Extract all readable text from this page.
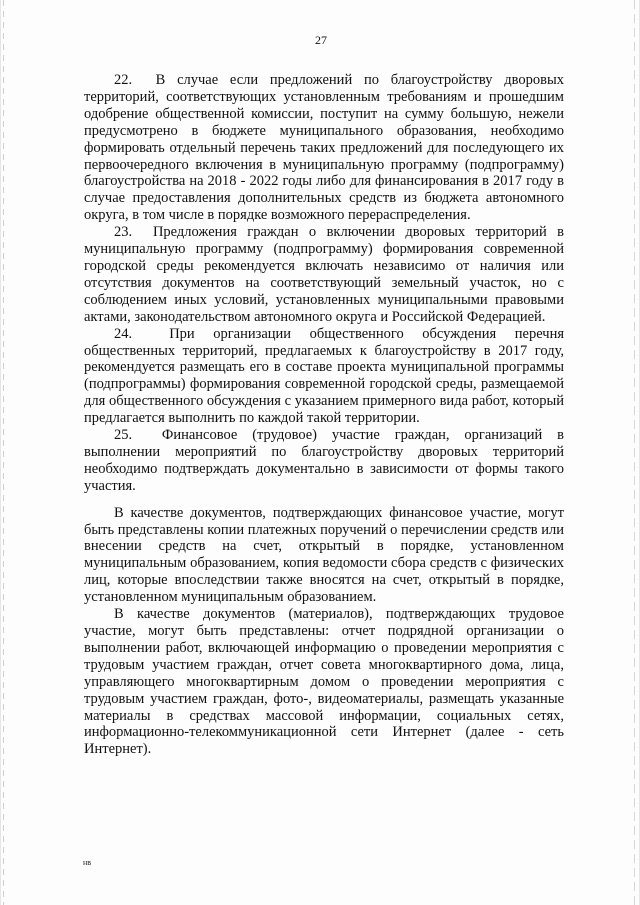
27

22.  В случае если предложений по благоустройству дворовых территорий, соответствующих установленным требованиям и прошедшим одобрение общественной комиссии, поступит на сумму большую, нежели предусмотрено в бюджете муниципального образования, необходимо формировать отдельный перечень таких предложений для последующего их первоочередного включения в муниципальную программу (подпрограмму) благоустройства на 2018 - 2022 годы либо для финансирования в 2017 году в случае предоставления дополнительных средств из бюджета автономного округа, в том числе в порядке возможного перераспределения.

23.  Предложения граждан о включении дворовых территорий в муниципальную программу (подпрограмму) формирования современной городской среды рекомендуется включать независимо от наличия или отсутствия документов на соответствующий земельный участок, но с соблюдением иных условий, установленных муниципальными правовыми актами, законодательством автономного округа и Российской Федерацией.

24.  При организации общественного обсуждения перечня общественных территорий, предлагаемых к благоустройству в 2017 году, рекомендуется размещать его в составе проекта муниципальной программы (подпрограммы) формирования современной городской среды, размещаемой для общественного обсуждения с указанием примерного вида работ, который предлагается выполнить по каждой такой территории.

25.  Финансовое (трудовое) участие граждан, организаций в выполнении мероприятий по благоустройству дворовых территорий необходимо подтверждать документально в зависимости от формы такого участия.

В качестве документов, подтверждающих финансовое участие, могут быть представлены копии платежных поручений о перечислении средств или внесении средств на счет, открытый в порядке, установленном муниципальным образованием, копия ведомости сбора средств с физических лиц, которые впоследствии также вносятся на счет, открытый в порядке, установленном муниципальным образованием.

В качестве документов (материалов), подтверждающих трудовое участие, могут быть представлены: отчет подрядной организации о выполнении работ, включающей информацию о проведении мероприятия с трудовым участием граждан, отчет совета многоквартирного дома, лица, управляющего многоквартирным домом о проведении мероприятия с трудовым участием граждан, фото-, видеоматериалы, размещать указанные материалы в средствах массовой информации, социальных сетях, информационно-телекоммуникационной сети Интернет (далее - сеть Интернет).

нв
